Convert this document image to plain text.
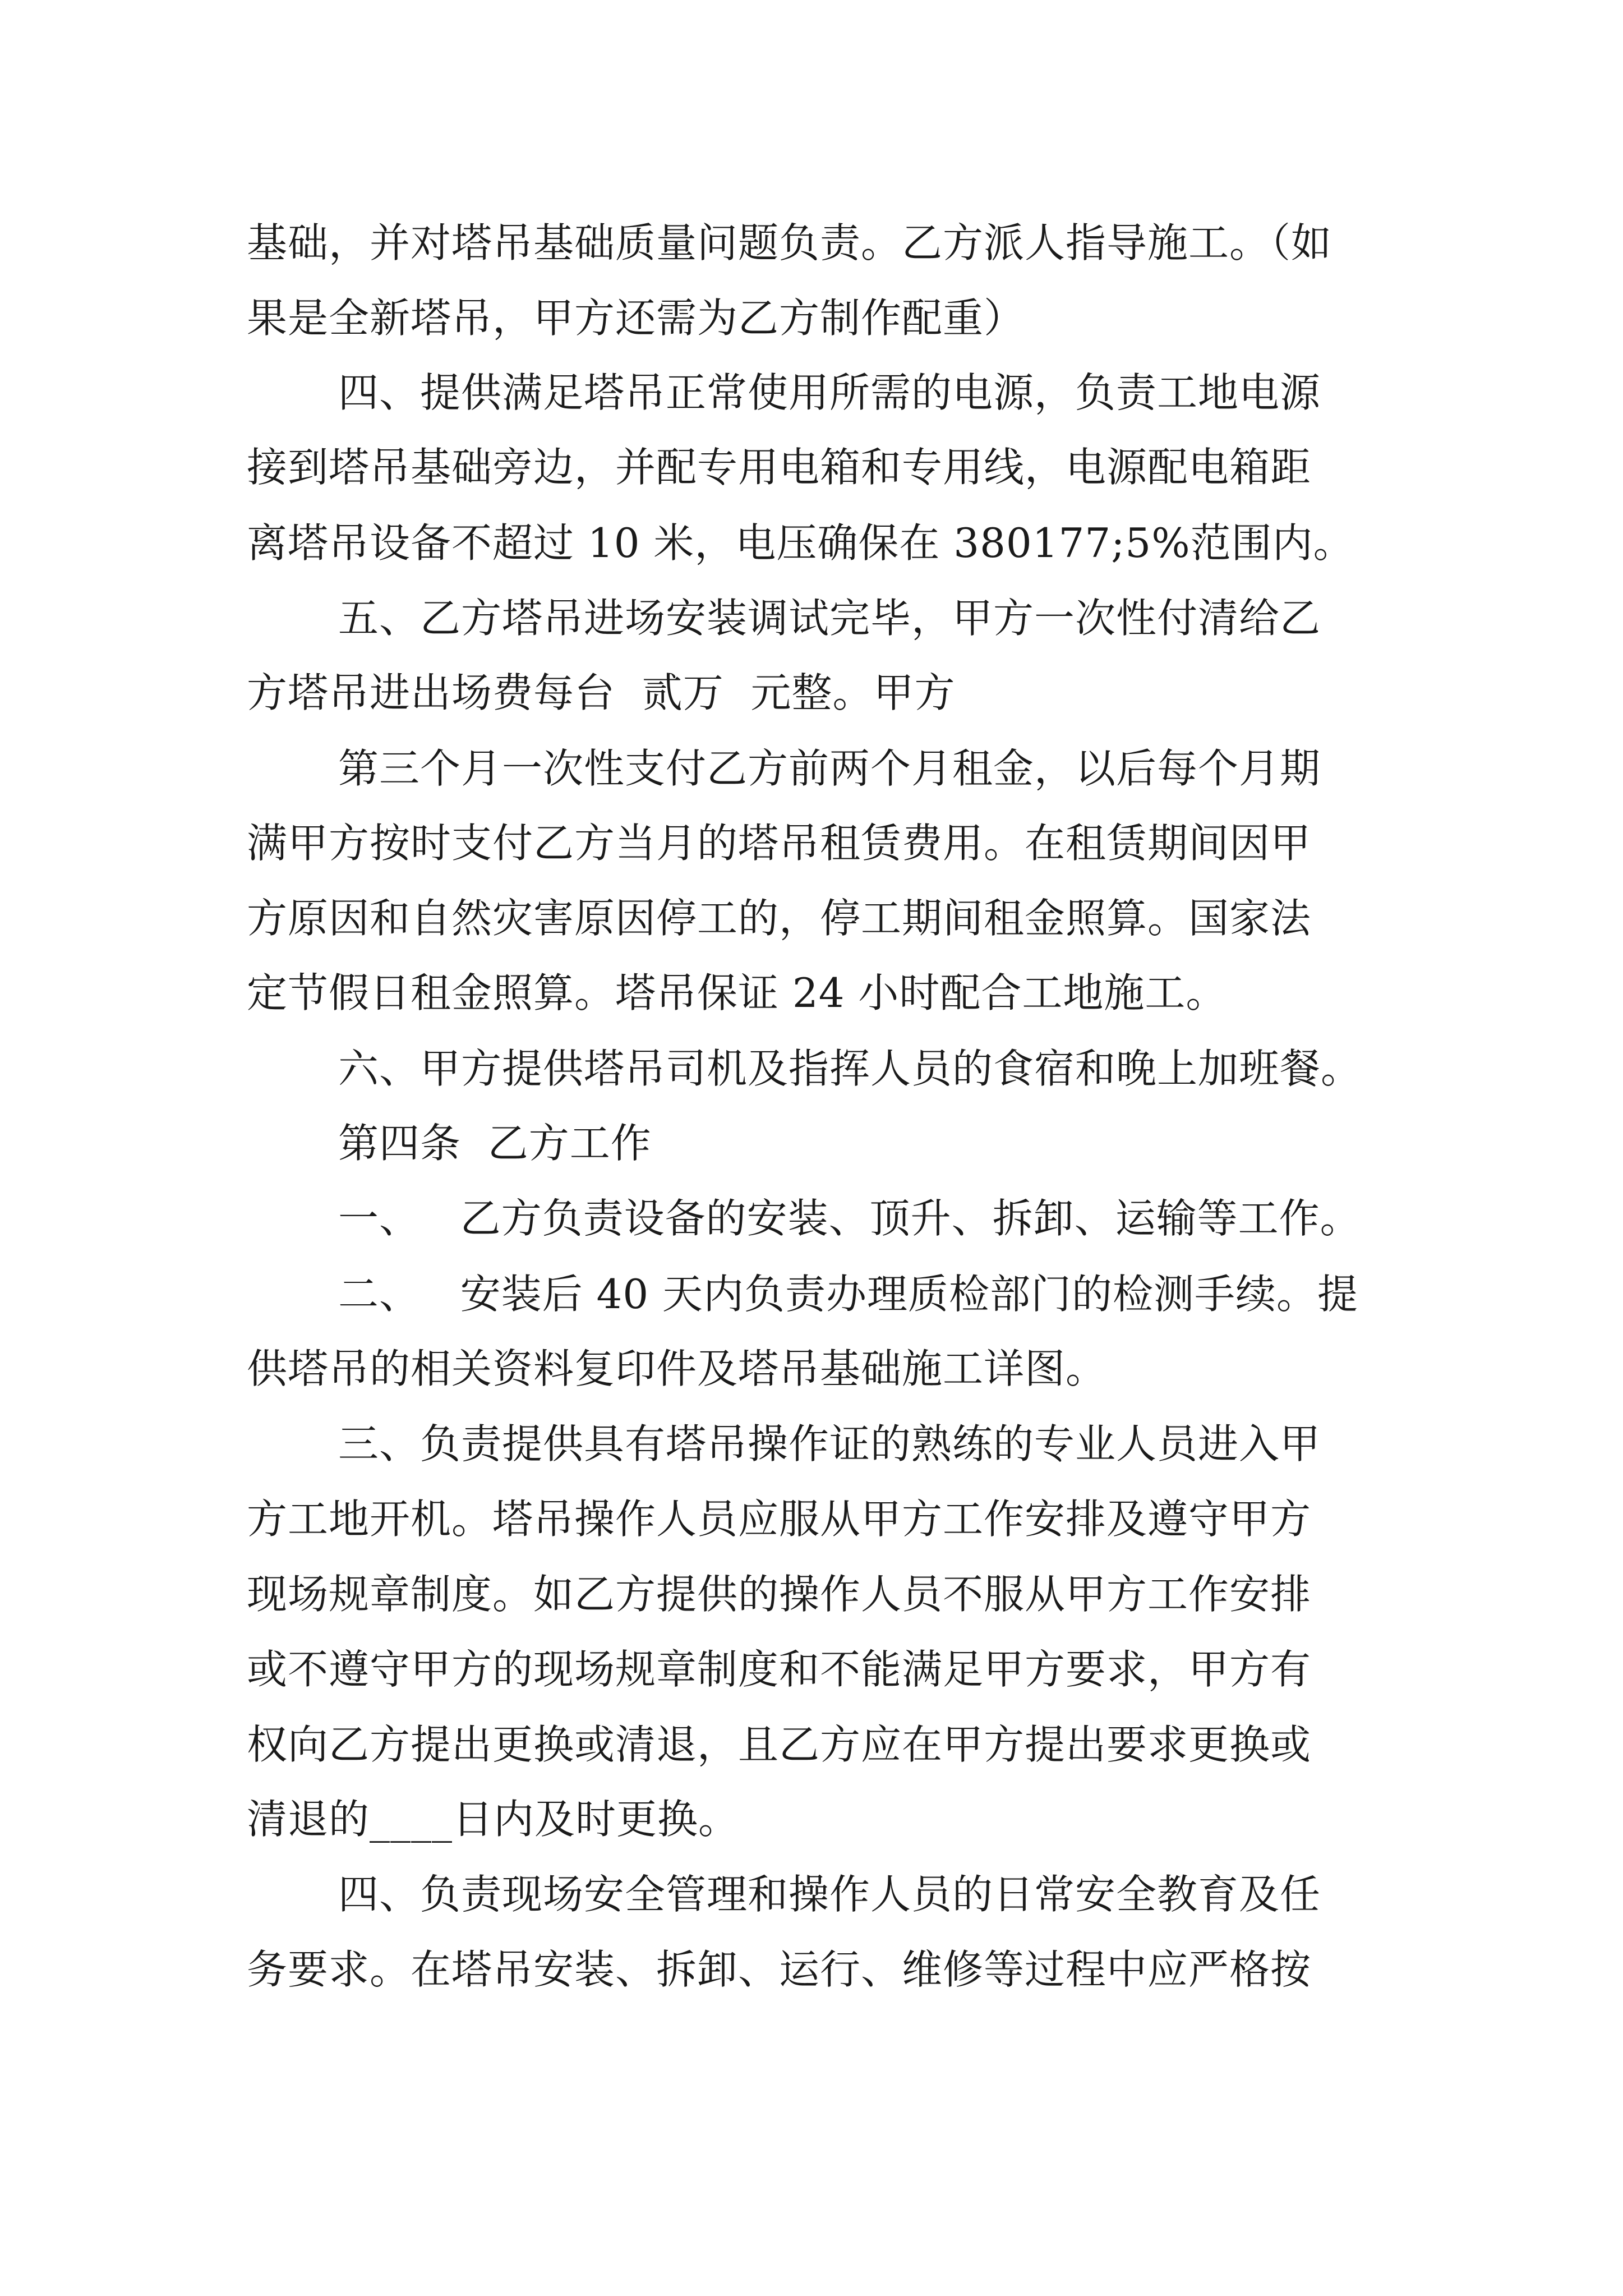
基础，并对塔吊基础质量问题负责。乙方派人指导施工。（如
果是全新塔吊，甲方还需为乙方制作配重）
四、提供满足塔吊正常使用所需的电源，负责工地电源
接到塔吊基础旁边，并配专用电箱和专用线，电源配电箱距
离塔吊设备不超过 10 米，电压确保在 380177;5%范围内。
五、乙方塔吊进场安装调试完毕，甲方一次性付清给乙
方塔吊进出场费每台  贰万  元整。甲方
第三个月一次性支付乙方前两个月租金，以后每个月期
满甲方按时支付乙方当月的塔吊租赁费用。在租赁期间因甲
方原因和自然灾害原因停工的，停工期间租金照算。国家法
定节假日租金照算。塔吊保证 24 小时配合工地施工。
六、甲方提供塔吊司机及指挥人员的食宿和晚上加班餐。
第四条  乙方工作
一、   乙方负责设备的安装、顶升、拆卸、运输等工作。
二、   安装后 40 天内负责办理质检部门的检测手续。提
供塔吊的相关资料复印件及塔吊基础施工详图。
三、负责提供具有塔吊操作证的熟练的专业人员进入甲
方工地开机。塔吊操作人员应服从甲方工作安排及遵守甲方
现场规章制度。如乙方提供的操作人员不服从甲方工作安排
或不遵守甲方的现场规章制度和不能满足甲方要求，甲方有
权向乙方提出更换或清退，且乙方应在甲方提出要求更换或
清退的____日内及时更换。
四、负责现场安全管理和操作人员的日常安全教育及任
务要求。在塔吊安装、拆卸、运行、维修等过程中应严格按
